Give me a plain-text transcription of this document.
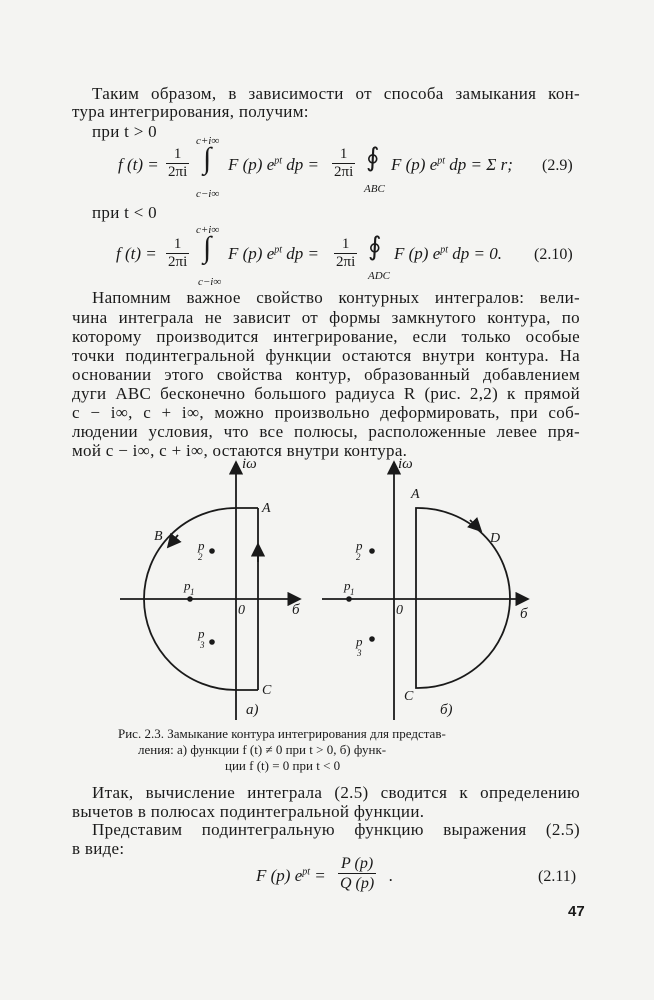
Таким образом, в зависимости от способа замыкания кон-
тура интегрирования, получим:
при t > 0
f $(t) = \frac{1}{2\pi i}$
c+i∞
∫
c−i∞
F (p) $e^{pt}$ dp = $\frac{1}{2\pi i}$ ∮
ABC
F (p) $e^{pt}$ dp = Σ r; (2.9)
при t < 0
f $(t) = \frac{1}{2\pi i}$
c+i∞
∫
c−i∞
F (p) $e^{pt}$ dp = $\frac{1}{2\pi i}$ ∮
ADC
F (p) $e^{pt}$ dp = 0. (2.10)
Напомним важное свойство контурных интегралов: вели-
чина интеграла не зависит от формы замкнутого контура, по
которому производится интегрирование, если только особые
точки подинтегральной функции остаются внутри контура. На
основании этого свойства контур, образованный добавлением
дуги ABC бесконечно большого радиуса R (рис. 2,2) к прямой
c − i∞, c + i∞, можно произвольно деформировать, при соб-
людении условия, что все полюсы, расположенные левее пря-
мой c − i∞, c + i∞, остаются внутри контура.
iω
б
0
A
B
C
p 1
p
2
p
3
a)
iω
б
0
A
D
C
p 1
p
2
p
3
б)
Рис. 2.3. Замыкание контура интегрирования для представ-
ления: а) функции f (t) ≠ 0 при t > 0, б) функ-
ции f (t) = 0 при t < 0
Итак, вычисление интеграла (2.5) сводится к определению
вычетов в полюсах подинтегральной функции.
Представим подинтегральную функцию выражения (2.5)
в виде:
F (p) $e^{pt} = \frac{P (p)}{Q (p)}$ .	(2.11)
47
